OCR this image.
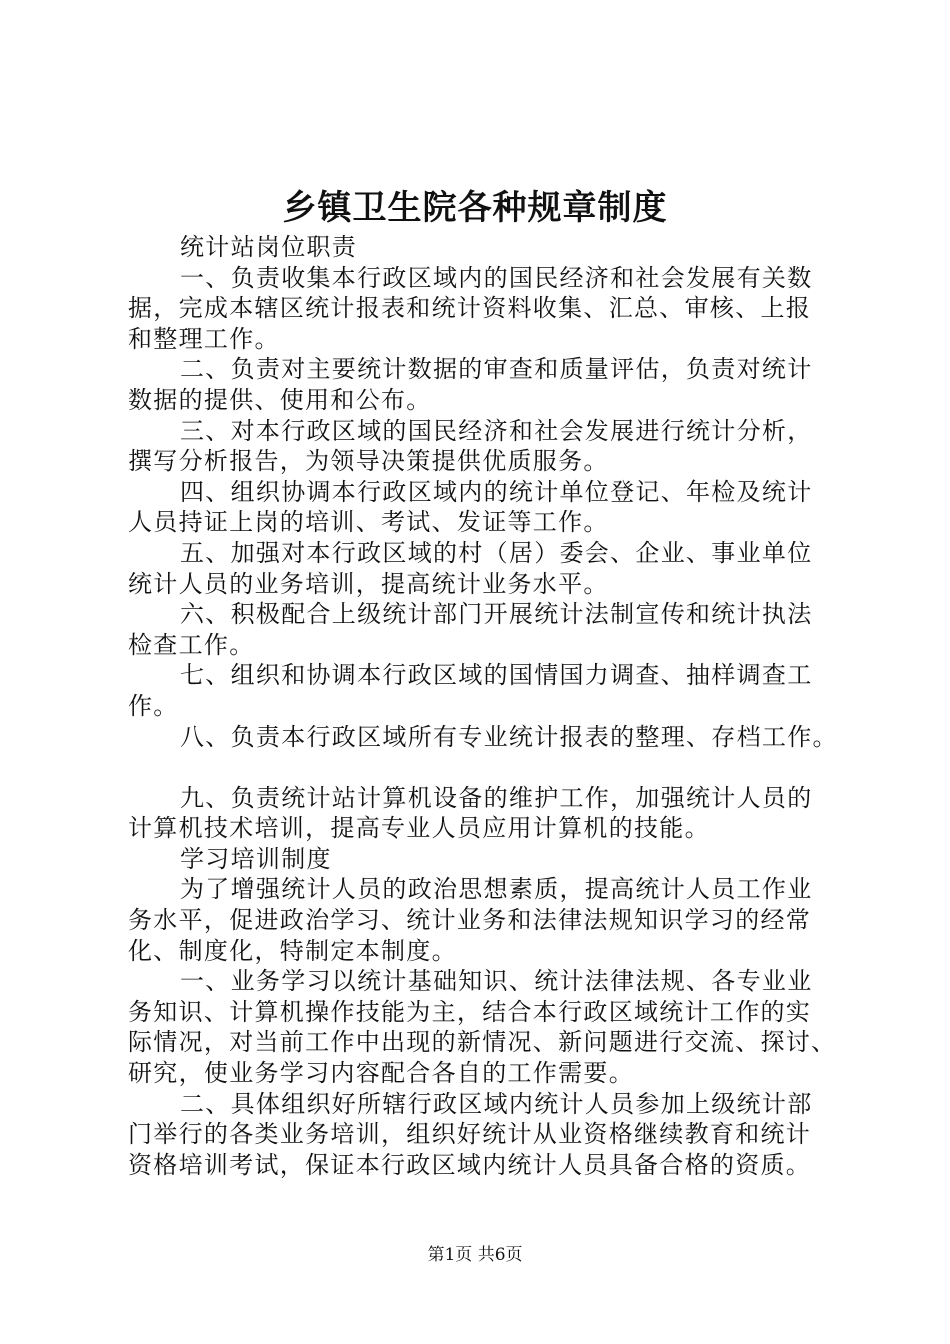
乡镇卫生院各种规章制度
统计站岗位职责
一、负责收集本行政区域内的国民经济和社会发展有关数
据，完成本辖区统计报表和统计资料收集、汇总、审核、上报
和整理工作。
二、负责对主要统计数据的审查和质量评估，负责对统计
数据的提供、使用和公布。
三、对本行政区域的国民经济和社会发展进行统计分析，
撰写分析报告，为领导决策提供优质服务。
四、组织协调本行政区域内的统计单位登记、年检及统计
人员持证上岗的培训、考试、发证等工作。
五、加强对本行政区域的村（居）委会、企业、事业单位
统计人员的业务培训，提高统计业务水平。
六、积极配合上级统计部门开展统计法制宣传和统计执法
检查工作。
七、组织和协调本行政区域的国情国力调查、抽样调查工
作。
八、负责本行政区域所有专业统计报表的整理、存档工作。
九、负责统计站计算机设备的维护工作，加强统计人员的
计算机技术培训，提高专业人员应用计算机的技能。
学习培训制度
为了增强统计人员的政治思想素质，提高统计人员工作业
务水平，促进政治学习、统计业务和法律法规知识学习的经常
化、制度化，特制定本制度。
一、业务学习以统计基础知识、统计法律法规、各专业业
务知识、计算机操作技能为主，结合本行政区域统计工作的实
际情况，对当前工作中出现的新情况、新问题进行交流、探讨、
研究，使业务学习内容配合各自的工作需要。
二、具体组织好所辖行政区域内统计人员参加上级统计部
门举行的各类业务培训，组织好统计从业资格继续教育和统计
资格培训考试，保证本行政区域内统计人员具备合格的资质。
第1页 共6页
